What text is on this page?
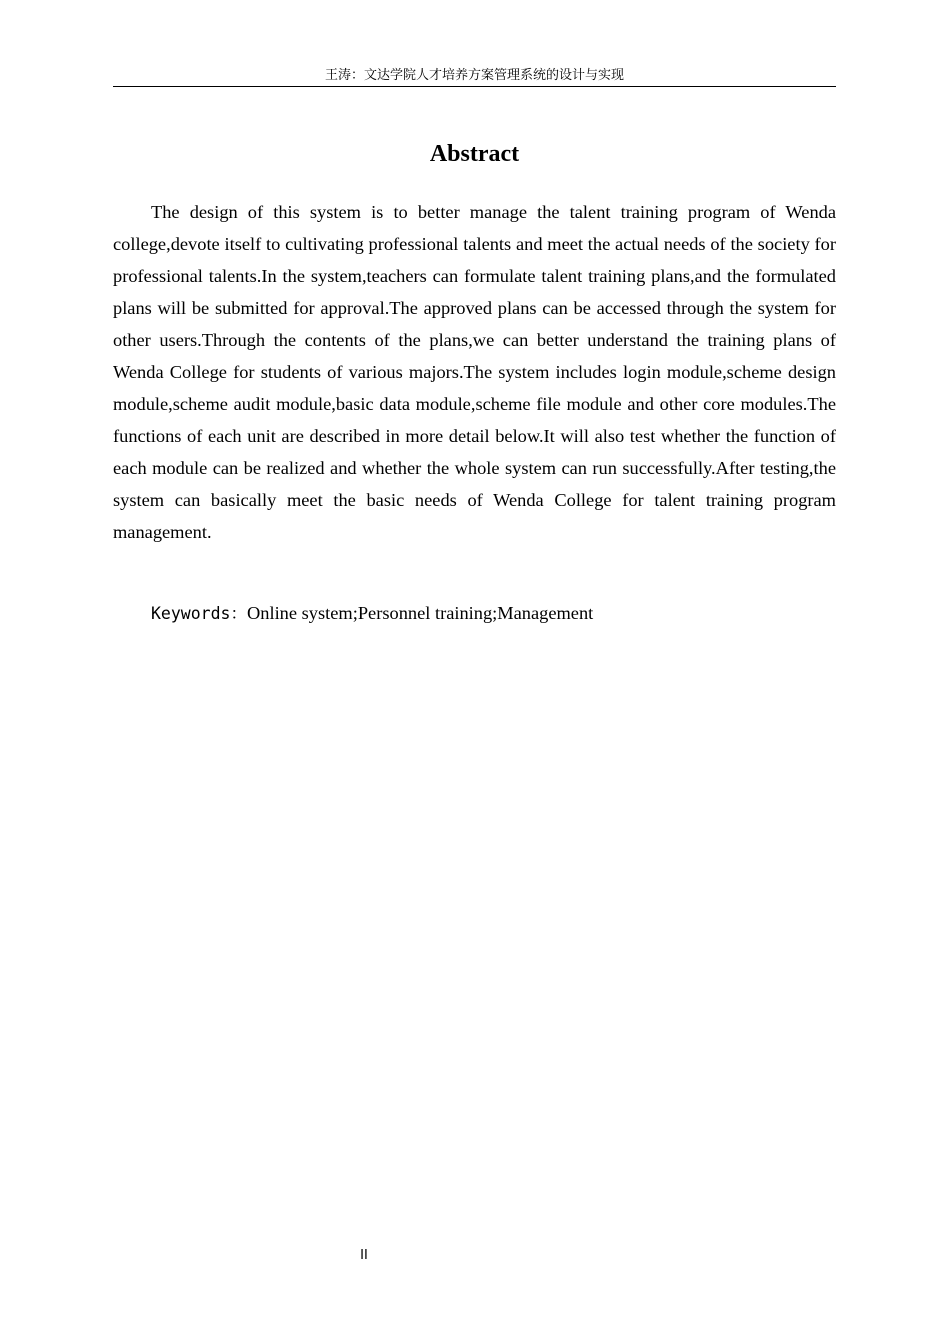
王涛：文达学院人才培养方案管理系统的设计与实现
Abstract

The design of this system is to better manage the talent training program of Wenda college,devote itself to cultivating professional talents and meet the actual needs of the society for professional talents.In the system,teachers can formulate talent training plans,and the formulated plans will be submitted for approval.The approved plans can be accessed through the system for other users.Through the contents of the plans,we can better understand the training plans of Wenda College for students of various majors.The system includes login module,scheme design module,scheme audit module,basic data module,scheme file module and other core modules.The functions of each unit are described in more detail below.It will also test whether the function of each module can be realized and whether the whole system can run successfully.After testing,the system can basically meet the basic needs of Wenda College for talent training program management.

Keywords：Online system;Personnel training;Management
II
